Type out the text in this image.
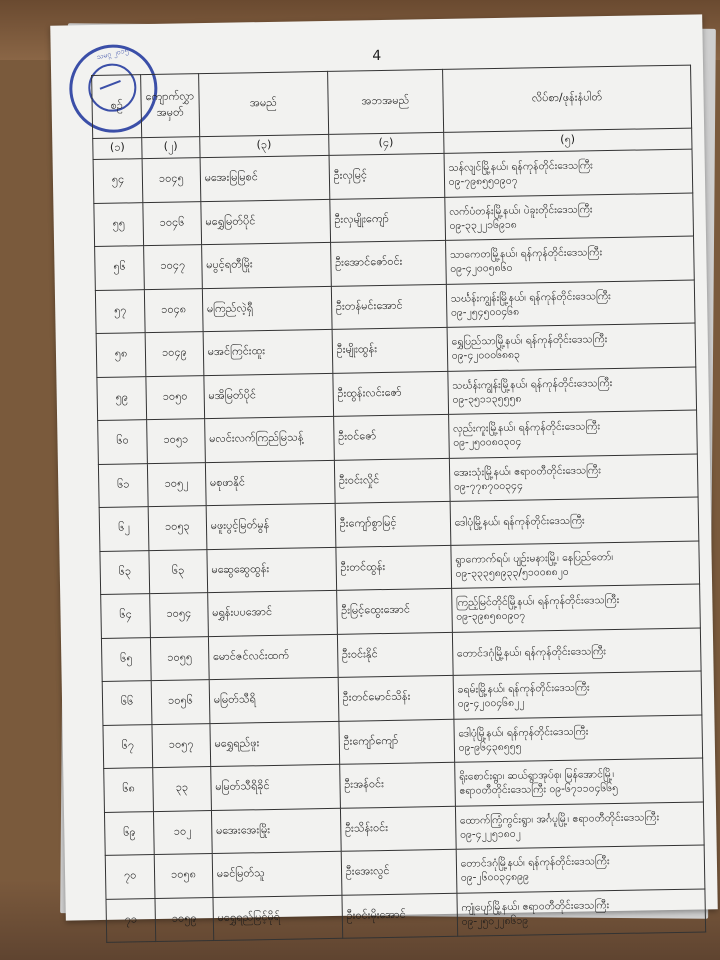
သမဂ္ဂ ၂၀၁၅	4
စဉ်	ကျောက်လွှာ အမှတ်	အမည်	အဘအမည်	လိပ်စာ/ဖုန်းနံပါတ်
(၁)	(၂)	(၃)	(၄)	(၅)
၅၄	၁၀၄၅	မအေးမြမြစင်	ဦးလှမြင့်	သန်လျင်မြို့နယ်၊ ရန်ကုန်တိုင်းဒေသကြီး
၀၉-၇၉၈၅၅၀၉၀၇

၅၅	၁၀၄၆	မရွှေမြတ်ပိုင်	ဦးလှမျိုးကျော်	လက်ပံတန်းမြို့နယ်၊ ပဲခူးတိုင်းဒေသကြီး
၀၉-၃၃၂၂၁၆၉၁၈

၅၆	၁၀၄၇	မပွင့်ရတီမြိုး	ဦးအောင်ဇော်ဝင်း	သာကေတမြို့နယ်၊ ရန်ကုန်တိုင်းဒေသကြီး
၀၉-၄၂၀၀၅၈၆၀

၅၇	၁၀၄၈	မကြည်လဲ့ရှီ	ဦးတန်မင်းအောင်	သင်္ဃန်းကျွန်းမြို့နယ်၊ ရန်ကုန်တိုင်းဒေသကြီး
၀၉-၂၅၄၅၀၀၄၆၈

၅၈	၁၀၄၉	မအင်ကြင်းထူး	ဦးမျိုးထွန်း	ရွှေပြည်သာမြို့နယ်၊ ရန်ကုန်တိုင်းဒေသကြီး
၀၉-၄၂၀၀၀၆၈၈၃

၅၉	၁၀၅၀	မအိမြတ်ပိုင်	ဦးထွန်းလင်းဇော်	သင်္ဃန်းကျွန်းမြို့နယ်၊ ရန်ကုန်တိုင်းဒေသကြီး
၀၉-၃၅၁၁၃၅၅၅၈

၆၀	၁၀၅၁	မလင်းလက်ကြည်မြသန့်	ဦးဝင်ဇော်	လှည်းကူးမြို့နယ်၊ ရန်ကုန်တိုင်းဒေသကြီး
၀၉-၂၅၀၀၈၀၃၀၄

၆၁	၁၀၅၂	မစုဖာနိုင်	ဦးဝင်းလှိုင်	အေးသုံးမြို့နယ်၊ ဧရာဝတီတိုင်းဒေသကြီး
၀၉-၇၇၈၇၀၀၃၄၄

၆၂	၁၀၅၃	မဖူးပွင့်မြတ်မွန်	ဦးကျော်စွာမြင့်	ဒေါပုံမြို့နယ်၊ ရန်ကုန်တိုင်းဒေသကြီး

၆၃	၆၃	မဆွေဆွေထွန်း	ဦးတင်ထွန်း	ရွာကောက်ရပ်၊ ပျဉ်းမနားမြို့၊ နေပြည်တော်၊
၀၉-၃၃၃၅၈၉၃၃/၅၁၀၀၈၈၂၀

၆၄	၁၀၅၄	မရွှန်းပပအောင်	ဦးမြင့်ထွေးအောင်	ကြည့်မြင်တိုင်မြို့နယ်၊ ရန်ကုန်တိုင်းဒေသကြီး
၀၉-၃၉၈၅၈၀၉၀၇

၆၅	၁၀၅၅	မောင်ဇင်လင်းထက်	ဦးဝင်းနိုင်	တောင်ဒဂုံမြို့နယ်၊ ရန်ကုန်တိုင်းဒေသကြီး

၆၆	၁၀၅၆	မမြတ်သီရိ	ဦးတင်မောင်သိန်း	ခရမ်းမြို့နယ်၊ ရန်ကုန်တိုင်းဒေသကြီး
၀၉-၄၂၀၀၄၆၈၂၂

၆၇	၁၀၅၇	မရွှေရည်ဖူး	ဦးကျော်ကျော်	ဒေါပုံမြို့နယ်၊ ရန်ကုန်တိုင်းဒေသကြီး
၀၉-၉၆၄၃၈၅၅၅

၆၈	၃၃	မမြတ်သီရိခိုင်	ဦးအန်ဝင်း	ရိုးစောင်းရွာ၊ ဆယ်ရွာအုပ်စု၊ မြန်အောင်မြို့၊
ဧရာဝတီတိုင်းဒေသကြီး ၀၉-၆၇၁၁၀၄၆၆၅

၆၉	၁၀၂	မအေးအေးမြိုး	ဦးသိန်းဝင်း	ထောက်ကြံ့ကွင်းရွာ၊ အင်္ဂပူမြို့၊ ဧရာဝတီတိုင်းဒေသကြီး
၀၉-၄၂၂၅၁၈၀၂

၇၀	၁၀၅၈	မခင်မြတ်သူ	ဦးအေးလွင်	တောင်ဒဂုံမြို့နယ်၊ ရန်ကုန်တိုင်းဒေသကြီး
၀၉-၂၆၀၀၃၄၈၉၉

၇၁	၁၀၅၉	မရွှေရည်မြင့်မိုရ်	ဦးဝင်းမိုးအောင်	ကျုံပျော်မြို့နယ်၊ ဧရာဝတီတိုင်းဒေသကြီး
၀၉-၂၅၀၂၂၈၆၁၉
